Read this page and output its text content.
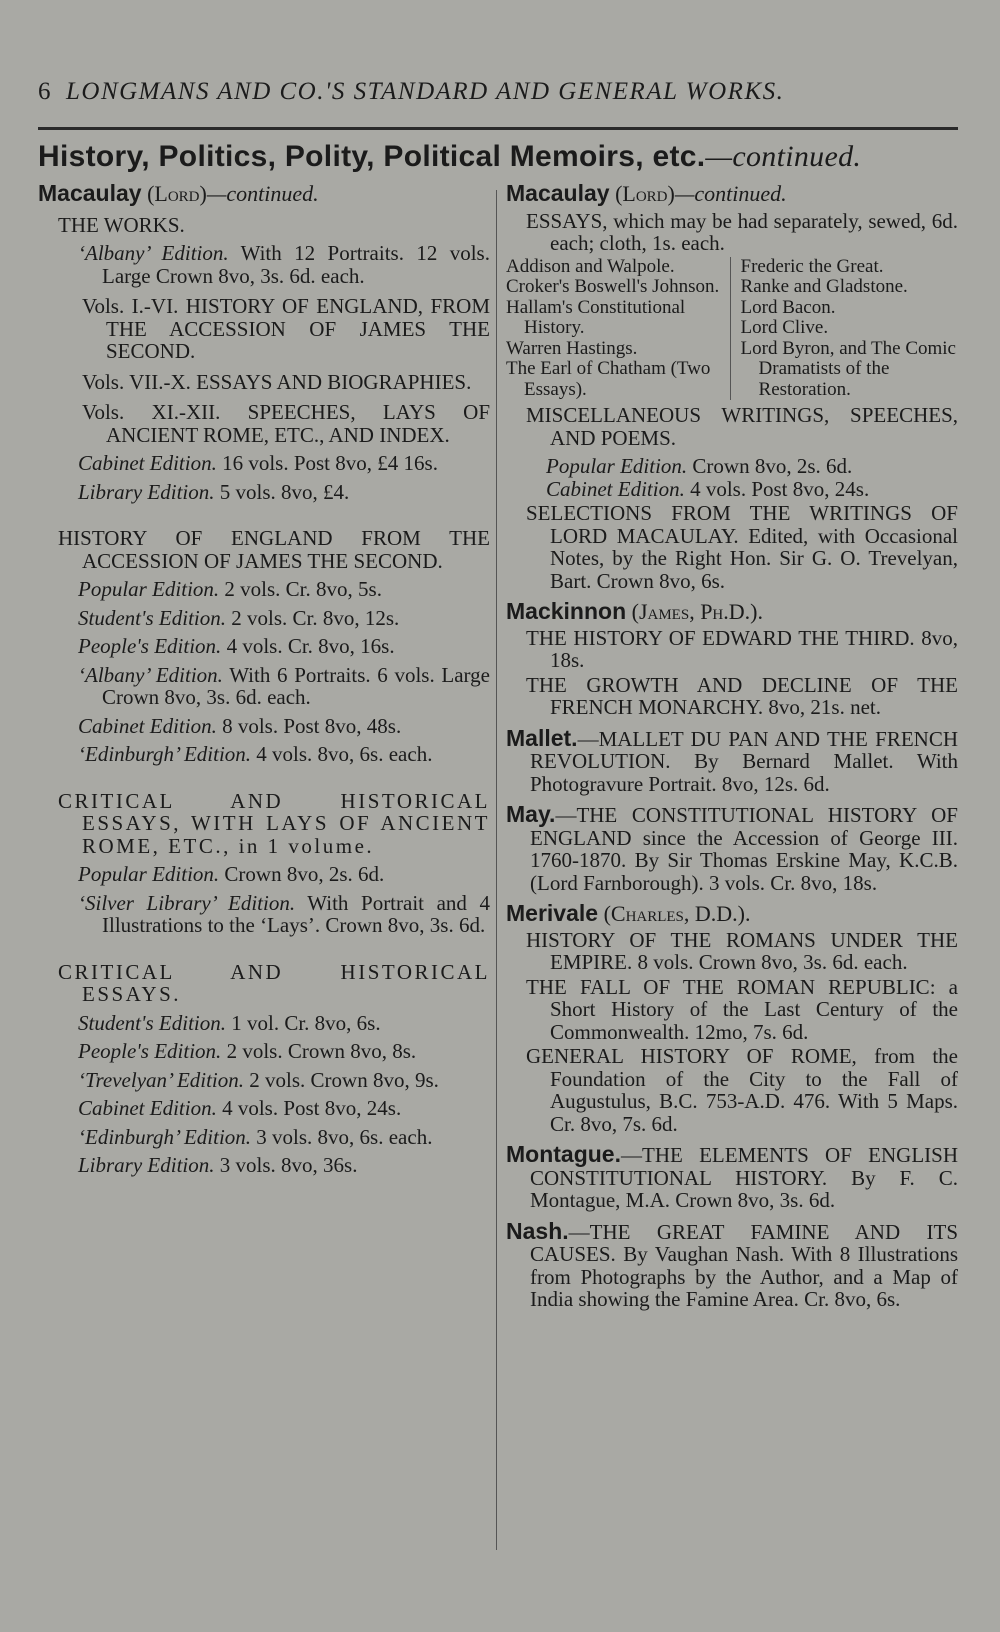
6 LONGMANS AND CO.'S STANDARD AND GENERAL WORKS.
History, Politics, Polity, Political Memoirs, etc.—continued.
Macaulay (Lord)—continued.
THE WORKS.
‘Albany’ Edition. With 12 Portraits. 12 vols. Large Crown 8vo, 3s. 6d. each.
Vols. I.-VI. HISTORY OF ENGLAND, FROM THE ACCESSION OF JAMES THE SECOND.
Vols. VII.-X. ESSAYS AND BIOGRAPHIES.
Vols. XI.-XII. SPEECHES, LAYS OF ANCIENT ROME, ETC., AND INDEX.
Cabinet Edition. 16 vols. Post 8vo, £4 16s.
Library Edition. 5 vols. 8vo, £4.
HISTORY OF ENGLAND FROM THE ACCESSION OF JAMES THE SECOND.
Popular Edition. 2 vols. Cr. 8vo, 5s.
Student's Edition. 2 vols. Cr. 8vo, 12s.
People's Edition. 4 vols. Cr. 8vo, 16s.
‘Albany’ Edition. With 6 Portraits. 6 vols. Large Crown 8vo, 3s. 6d. each.
Cabinet Edition. 8 vols. Post 8vo, 48s.
‘Edinburgh’ Edition. 4 vols. 8vo, 6s. each.
CRITICAL AND HISTORICAL ESSAYS, WITH LAYS OF ANCIENT ROME, ETC., in 1 volume.
Popular Edition. Crown 8vo, 2s. 6d.
‘Silver Library’ Edition. With Portrait and 4 Illustrations to the ‘Lays’. Crown 8vo, 3s. 6d.
CRITICAL AND HISTORICAL ESSAYS.
Student's Edition. 1 vol. Cr. 8vo, 6s.
People's Edition. 2 vols. Crown 8vo, 8s.
‘Trevelyan’ Edition. 2 vols. Crown 8vo, 9s.
Cabinet Edition. 4 vols. Post 8vo, 24s.
‘Edinburgh’ Edition. 3 vols. 8vo, 6s. each.
Library Edition. 3 vols. 8vo, 36s.
Macaulay (Lord)—continued.
ESSAYS, which may be had separately, sewed, 6d. each; cloth, 1s. each.
Addison and Walpole.
Croker's Boswell's Johnson.
Hallam's Constitutional History.
Warren Hastings.
The Earl of Chatham (Two Essays).
Frederic the Great.
Ranke and Gladstone.
Lord Bacon.
Lord Clive.
Lord Byron, and The Comic Dramatists of the Restoration.
MISCELLANEOUS WRITINGS, SPEECHES, AND POEMS.
Popular Edition. Crown 8vo, 2s. 6d.
Cabinet Edition. 4 vols. Post 8vo, 24s.
SELECTIONS FROM THE WRITINGS OF LORD MACAULAY. Edited, with Occasional Notes, by the Right Hon. Sir G. O. Trevelyan, Bart. Crown 8vo, 6s.
Mackinnon (James, Ph.D.).
THE HISTORY OF EDWARD THE THIRD. 8vo, 18s.
THE GROWTH AND DECLINE OF THE FRENCH MONARCHY. 8vo, 21s. net.
Mallet.—MALLET DU PAN AND THE FRENCH REVOLUTION. By Bernard Mallet. With Photogravure Portrait. 8vo, 12s. 6d.
May.—THE CONSTITUTIONAL HISTORY OF ENGLAND since the Accession of George III. 1760-1870. By Sir Thomas Erskine May, K.C.B. (Lord Farnborough). 3 vols. Cr. 8vo, 18s.
Merivale (Charles, D.D.).
HISTORY OF THE ROMANS UNDER THE EMPIRE. 8 vols. Crown 8vo, 3s. 6d. each.
THE FALL OF THE ROMAN REPUBLIC: a Short History of the Last Century of the Commonwealth. 12mo, 7s. 6d.
GENERAL HISTORY OF ROME, from the Foundation of the City to the Fall of Augustulus, B.C. 753-A.D. 476. With 5 Maps. Cr. 8vo, 7s. 6d.
Montague.—THE ELEMENTS OF ENGLISH CONSTITUTIONAL HISTORY. By F. C. Montague, M.A. Crown 8vo, 3s. 6d.
Nash.—THE GREAT FAMINE AND ITS CAUSES. By Vaughan Nash. With 8 Illustrations from Photographs by the Author, and a Map of India showing the Famine Area. Cr. 8vo, 6s.
